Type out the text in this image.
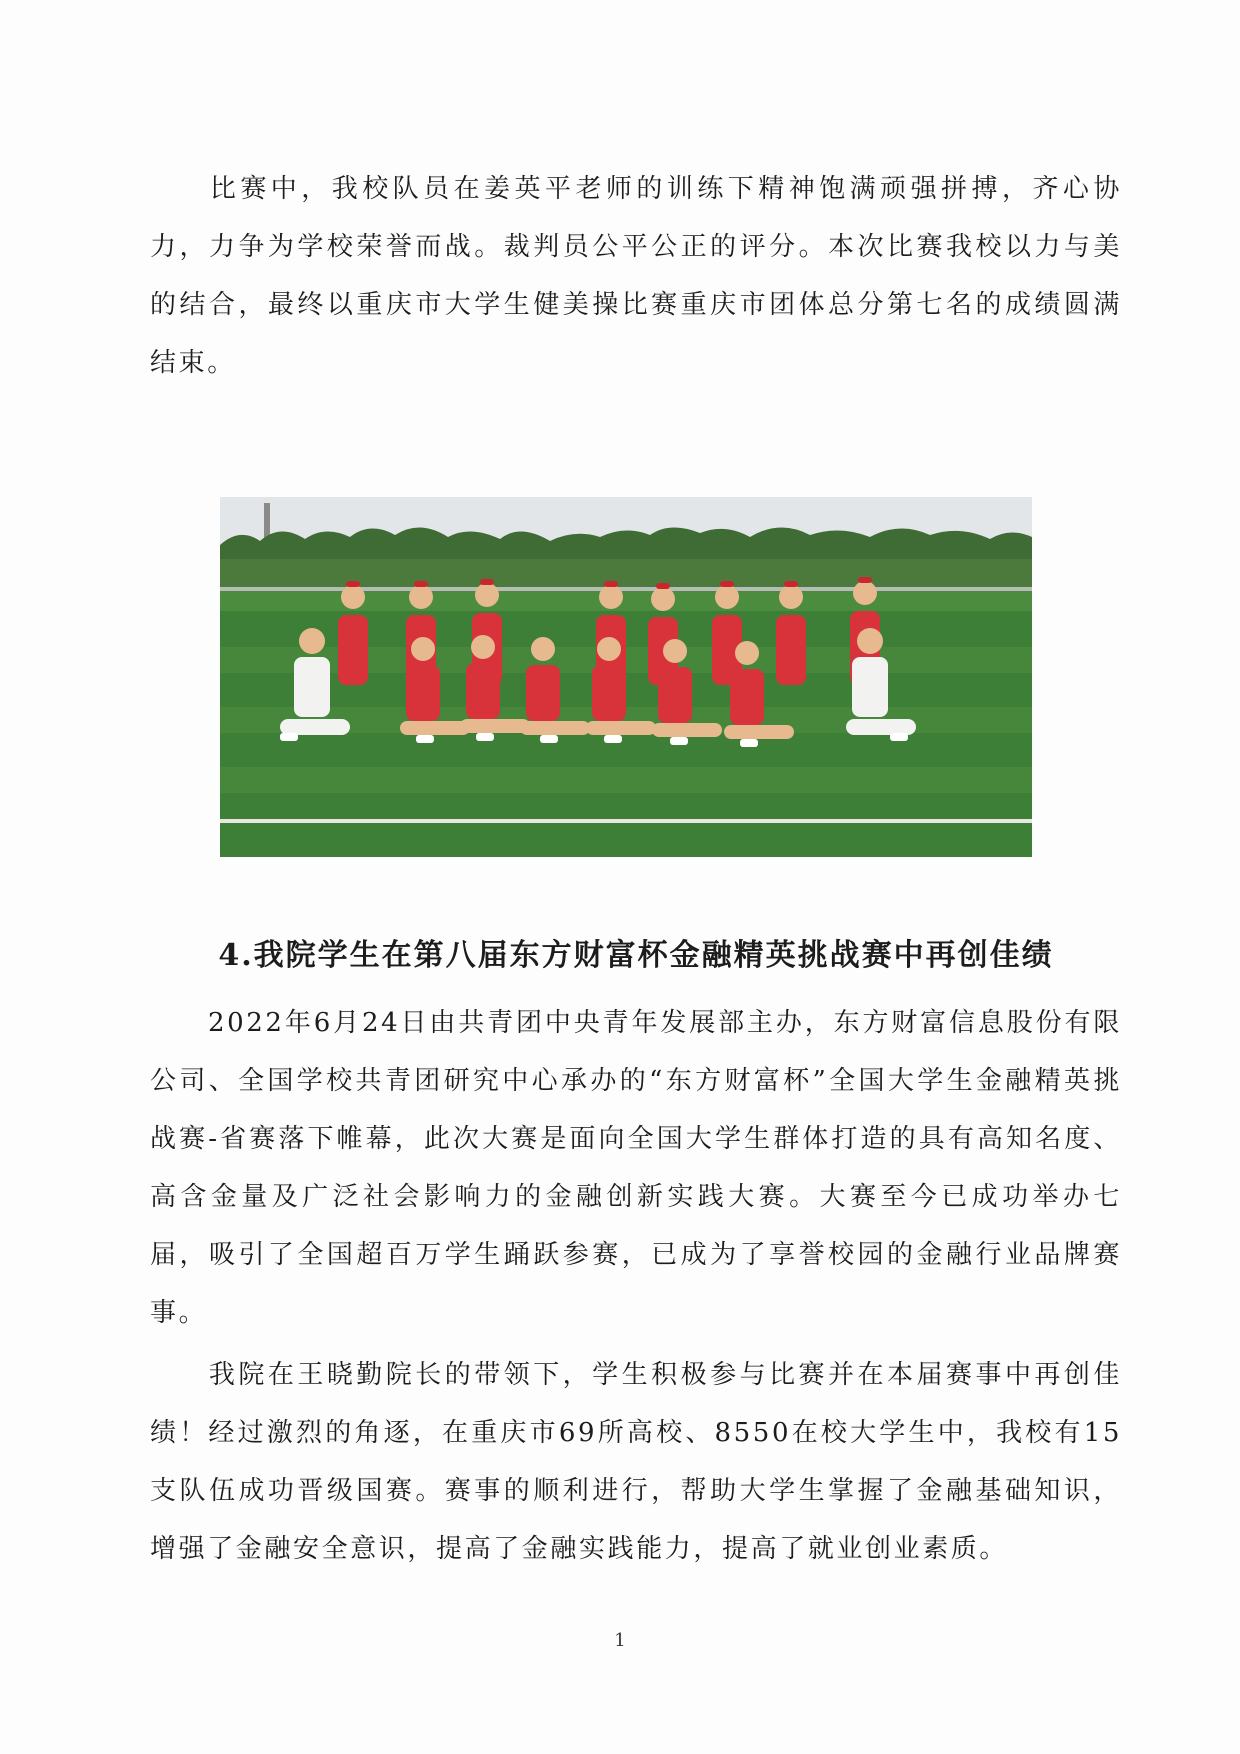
比赛中，我校队员在姜英平老师的训练下精神饱满顽强拼搏，齐心协力，力争为学校荣誉而战。裁判员公平公正的评分。本次比赛我校以力与美的结合，最终以重庆市大学生健美操比赛重庆市团体总分第七名的成绩圆满结束。

4.我院学生在第八届东方财富杯金融精英挑战赛中再创佳绩

2022年6月24日由共青团中央青年发展部主办，东方财富信息股份有限公司、全国学校共青团研究中心承办的“东方财富杯”全国大学生金融精英挑战赛-省赛落下帷幕，此次大赛是面向全国大学生群体打造的具有高知名度、高含金量及广泛社会影响力的金融创新实践大赛。大赛至今已成功举办七届，吸引了全国超百万学生踊跃参赛，已成为了享誉校园的金融行业品牌赛事。

我院在王晓勤院长的带领下，学生积极参与比赛并在本届赛事中再创佳绩！经过激烈的角逐，在重庆市69所高校、8550在校大学生中，我校有15支队伍成功晋级国赛。赛事的顺利进行，帮助大学生掌握了金融基础知识，增强了金融安全意识，提高了金融实践能力，提高了就业创业素质。

1
